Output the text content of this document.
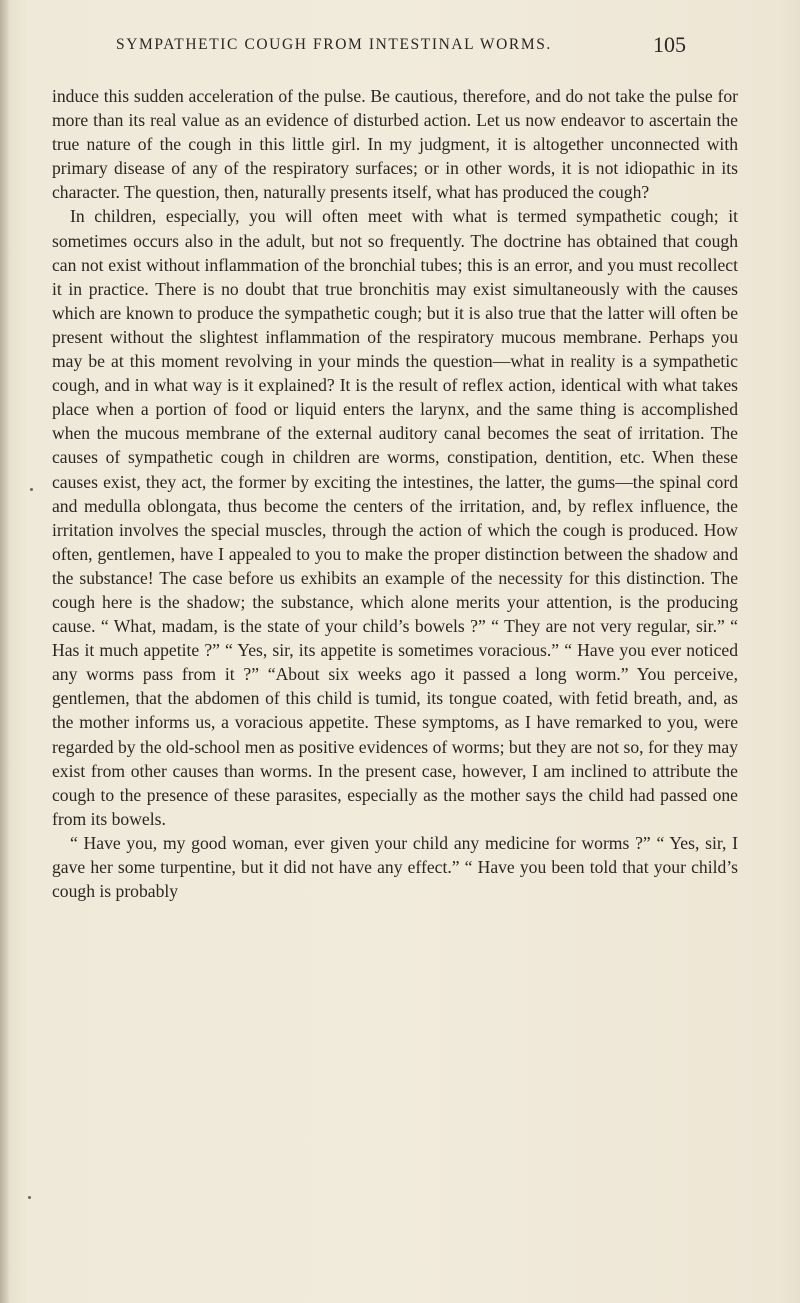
SYMPATHETIC COUGH FROM INTESTINAL WORMS.	105

induce this sudden acceleration of the pulse. Be cautious, therefore, and do not take the pulse for more than its real value as an evidence of disturbed action. Let us now endeavor to ascertain the true nature of the cough in this little girl. In my judgment, it is altogether unconnected with primary disease of any of the respiratory surfaces; or in other words, it is not idiopathic in its character. The question, then, naturally presents itself, what has produced the cough?

In children, especially, you will often meet with what is termed sympathetic cough; it sometimes occurs also in the adult, but not so frequently. The doctrine has obtained that cough can not exist without inflammation of the bronchial tubes; this is an error, and you must recollect it in practice. There is no doubt that true bronchitis may exist simultaneously with the causes which are known to produce the sympathetic cough; but it is also true that the latter will often be present without the slightest inflammation of the respiratory mucous membrane. Perhaps you may be at this moment revolving in your minds the question—what in reality is a sympathetic cough, and in what way is it explained? It is the result of reflex action, identical with what takes place when a portion of food or liquid enters the larynx, and the same thing is accomplished when the mucous membrane of the external auditory canal becomes the seat of irritation. The causes of sympathetic cough in children are worms, constipation, dentition, etc. When these causes exist, they act, the former by exciting the intestines, the latter, the gums—the spinal cord and medulla oblongata, thus become the centers of the irritation, and, by reflex influence, the irritation involves the special muscles, through the action of which the cough is produced. How often, gentlemen, have I appealed to you to make the proper distinction between the shadow and the substance! The case before us exhibits an example of the necessity for this distinction. The cough here is the shadow; the substance, which alone merits your attention, is the producing cause. “ What, madam, is the state of your child’s bowels ?” “ They are not very regular, sir.” “ Has it much appetite ?” “ Yes, sir, its appetite is sometimes voracious.” “ Have you ever noticed any worms pass from it ?” “About six weeks ago it passed a long worm.” You perceive, gentlemen, that the abdomen of this child is tumid, its tongue coated, with fetid breath, and, as the mother informs us, a voracious appetite. These symptoms, as I have remarked to you, were regarded by the old-school men as positive evidences of worms; but they are not so, for they may exist from other causes than worms. In the present case, however, I am inclined to attribute the cough to the presence of these parasites, especially as the mother says the child had passed one from its bowels.

“ Have you, my good woman, ever given your child any medicine for worms ?” “ Yes, sir, I gave her some turpentine, but it did not have any effect.” “ Have you been told that your child’s cough is probably
